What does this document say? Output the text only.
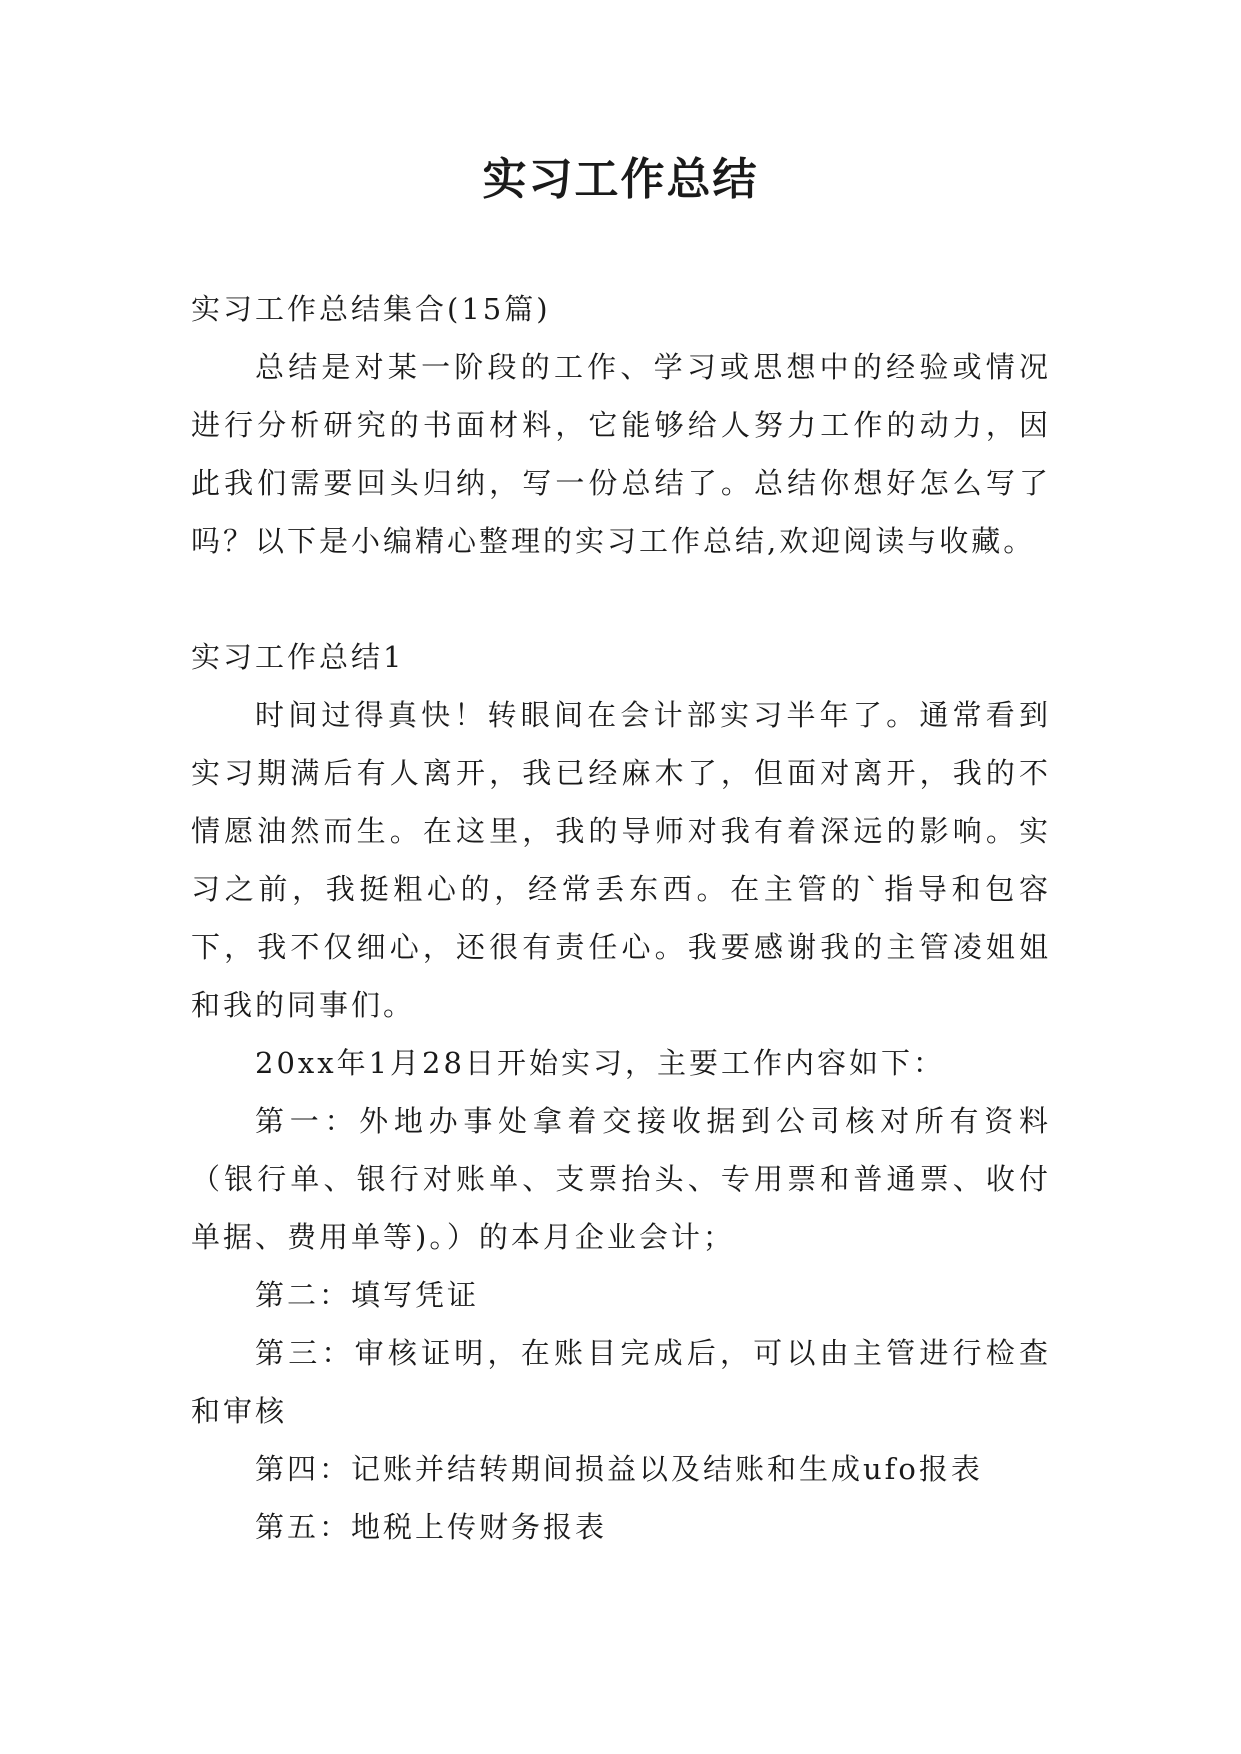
实习工作总结

实习工作总结集合(15篇)

总结是对某一阶段的工作、学习或思想中的经验或情况进行分析研究的书面材料，它能够给人努力工作的动力，因此我们需要回头归纳，写一份总结了。总结你想好怎么写了吗？以下是小编精心整理的实习工作总结,欢迎阅读与收藏。

实习工作总结1

时间过得真快！转眼间在会计部实习半年了。通常看到实习期满后有人离开，我已经麻木了，但面对离开，我的不情愿油然而生。在这里，我的导师对我有着深远的影响。实习之前，我挺粗心的，经常丢东西。在主管的`指导和包容下，我不仅细心，还很有责任心。我要感谢我的主管凌姐姐和我的同事们。

20xx年1月28日开始实习，主要工作内容如下：

第一：外地办事处拿着交接收据到公司核对所有资料（银行单、银行对账单、支票抬头、专用票和普通票、收付单据、费用单等)。）的本月企业会计；

第二：填写凭证

第三：审核证明，在账目完成后，可以由主管进行检查和审核

第四：记账并结转期间损益以及结账和生成ufo报表

第五：地税上传财务报表
